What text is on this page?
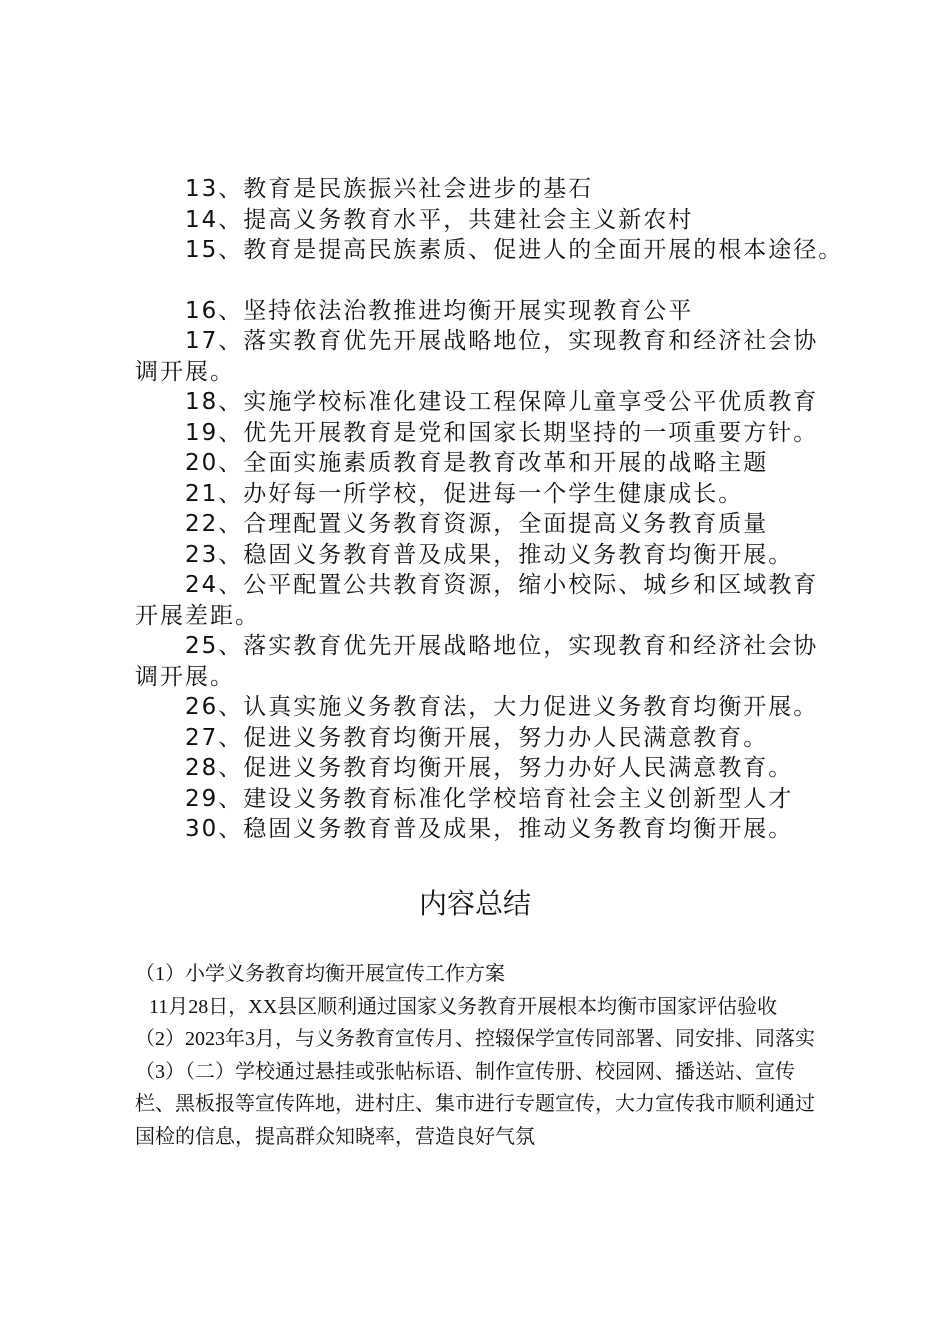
13、教育是民族振兴社会进步的基石

14、提高义务教育水平，共建社会主义新农村

15、教育是提高民族素质、促进人的全面开展的根本途径。

16、坚持依法治教推进均衡开展实现教育公平

17、落实教育优先开展战略地位，实现教育和经济社会协调开展。

18、实施学校标准化建设工程保障儿童享受公平优质教育

19、优先开展教育是党和国家长期坚持的一项重要方针。

20、全面实施素质教育是教育改革和开展的战略主题

21、办好每一所学校，促进每一个学生健康成长。

22、合理配置义务教育资源，全面提高义务教育质量

23、稳固义务教育普及成果，推动义务教育均衡开展。

24、公平配置公共教育资源，缩小校际、城乡和区域教育开展差距。

25、落实教育优先开展战略地位，实现教育和经济社会协调开展。

26、认真实施义务教育法，大力促进义务教育均衡开展。

27、促进义务教育均衡开展，努力办人民满意教育。

28、促进义务教育均衡开展，努力办好人民满意教育。

29、建设义务教育标准化学校培育社会主义创新型人才

30、稳固义务教育普及成果，推动义务教育均衡开展。

内容总结

（1）小学义务教育均衡开展宣传工作方案

11月28日，XX县区顺利通过国家义务教育开展根本均衡市国家评估验收

（2）2023年3月，与义务教育宣传月、控辍保学宣传同部署、同安排、同落实

（3）（二）学校通过悬挂或张帖标语、制作宣传册、校园网、播送站、宣传栏、黑板报等宣传阵地，进村庄、集市进行专题宣传，大力宣传我市顺利通过国检的信息，提高群众知晓率，营造良好气氛
